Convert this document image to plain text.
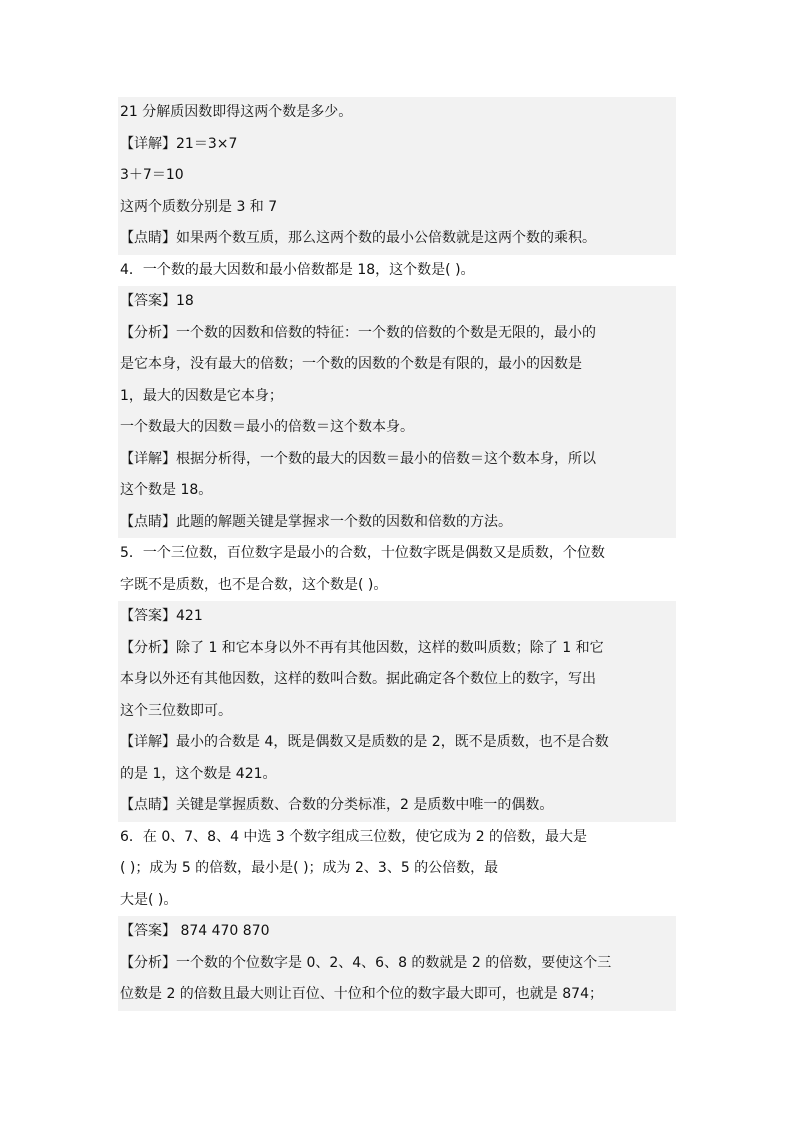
21 分解质因数即得这两个数是多少。
【详解】21＝3×7
3＋7＝10
这两个质数分别是 3 和 7
【点睛】如果两个数互质，那么这两个数的最小公倍数就是这两个数的乘积。
4．一个数的最大因数和最小倍数都是 18，这个数是( )。
【答案】18
【分析】一个数的因数和倍数的特征：一个数的倍数的个数是无限的，最小的
是它本身，没有最大的倍数；一个数的因数的个数是有限的，最小的因数是
1，最大的因数是它本身；
一个数最大的因数＝最小的倍数＝这个数本身。
【详解】根据分析得，一个数的最大的因数＝最小的倍数＝这个数本身，所以
这个数是 18。
【点睛】此题的解题关键是掌握求一个数的因数和倍数的方法。
5．一个三位数，百位数字是最小的合数，十位数字既是偶数又是质数，个位数
字既不是质数，也不是合数，这个数是( )。
【答案】421
【分析】除了 1 和它本身以外不再有其他因数，这样的数叫质数；除了 1 和它
本身以外还有其他因数，这样的数叫合数。据此确定各个数位上的数字，写出
这个三位数即可。
【详解】最小的合数是 4，既是偶数又是质数的是 2，既不是质数，也不是合数
的是 1，这个数是 421。
【点睛】关键是掌握质数、合数的分类标准，2 是质数中唯一的偶数。
6．在 0、7、8、4 中选 3 个数字组成三位数，使它成为 2 的倍数，最大是
( )；成为 5 的倍数，最小是( )；成为 2、3、5 的公倍数，最
大是( )。
【答案】 874 470 870
【分析】一个数的个位数字是 0、2、4、6、8 的数就是 2 的倍数，要使这个三
位数是 2 的倍数且最大则让百位、十位和个位的数字最大即可，也就是 874；
